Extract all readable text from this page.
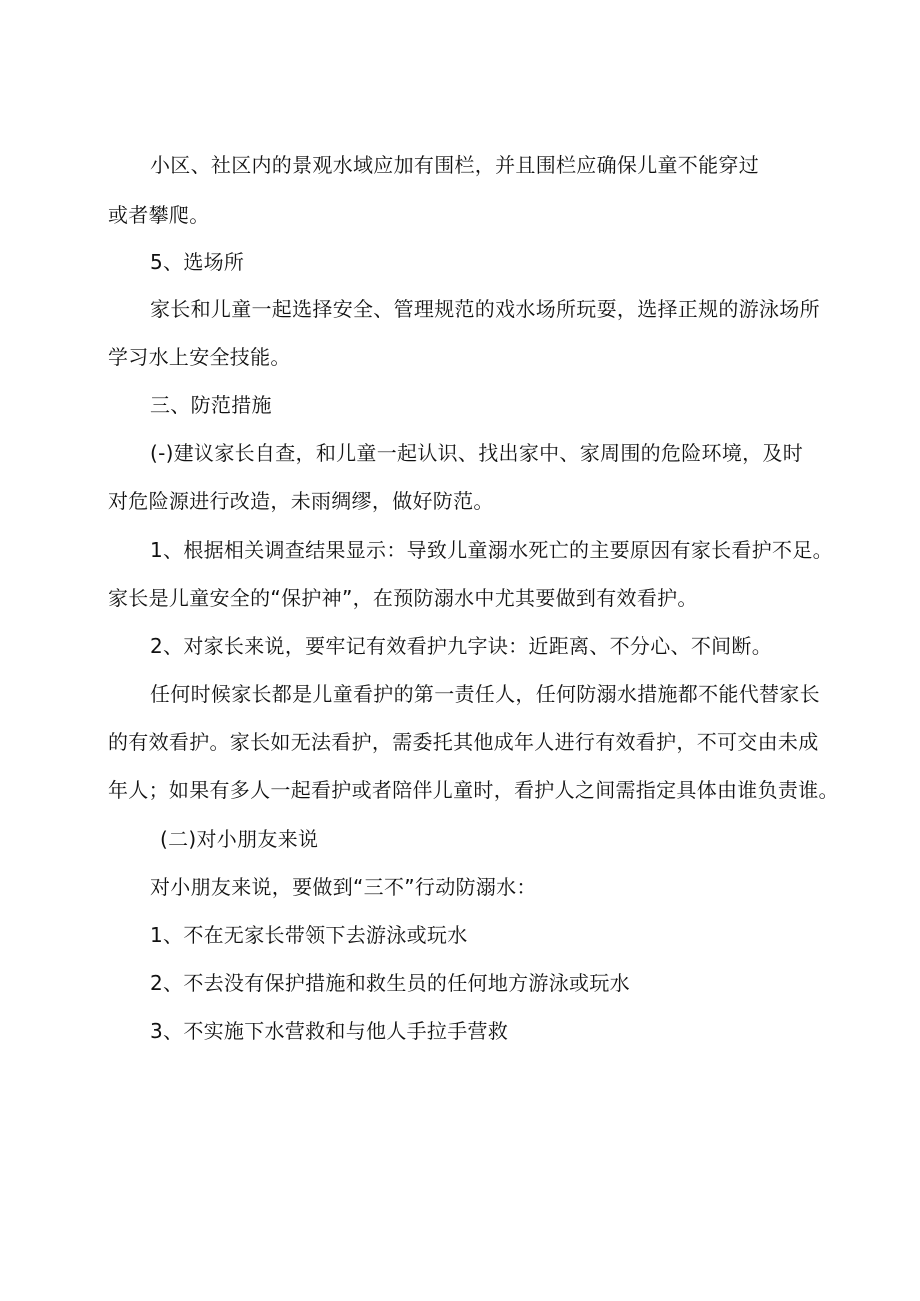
小区、社区内的景观水域应加有围栏，并且围栏应确保儿童不能穿过
或者攀爬。
5、选场所
家长和儿童一起选择安全、管理规范的戏水场所玩耍，选择正规的游泳场所
学习水上安全技能。
三、防范措施
(-)建议家长自查，和儿童一起认识、找出家中、家周围的危险环境，及时
对危险源进行改造，未雨绸缪，做好防范。
1、根据相关调查结果显示：导致儿童溺水死亡的主要原因有家长看护不足。
家长是儿童安全的“保护神”，在预防溺水中尤其要做到有效看护。
2、对家长来说，要牢记有效看护九字诀：近距离、不分心、不间断。
任何时候家长都是儿童看护的第一责任人，任何防溺水措施都不能代替家长
的有效看护。家长如无法看护，需委托其他成年人进行有效看护，不可交由未成
年人；如果有多人一起看护或者陪伴儿童时，看护人之间需指定具体由谁负责谁。
(二)对小朋友来说
对小朋友来说，要做到“三不”行动防溺水：
1、不在无家长带领下去游泳或玩水
2、不去没有保护措施和救生员的任何地方游泳或玩水
3、不实施下水营救和与他人手拉手营救
